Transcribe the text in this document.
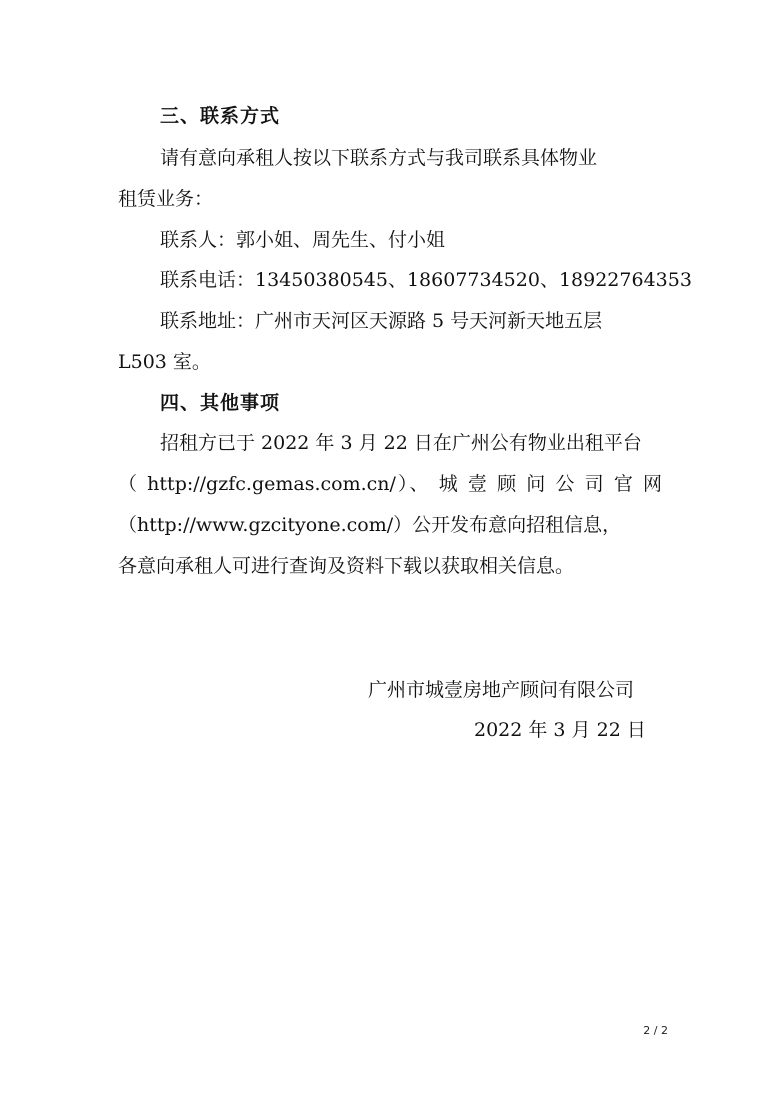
三、联系方式
请有意向承租人按以下联系方式与我司联系具体物业
租赁业务：
联系人：郭小姐、周先生、付小姐
联系电话：13450380545、18607734520、18922764353
联系地址：广州市天河区天源路 5 号天河新天地五层
L503 室。
四、其他事项
招租方已于 2022 年 3 月 22 日在广州公有物业出租平台
（ http://gzfc.gemas.com.cn/）、 城 壹 顾 问 公 司 官 网
（http://www.gzcityone.com/）公开发布意向招租信息，
各意向承租人可进行查询及资料下载以获取相关信息。
广州市城壹房地产顾问有限公司
2022 年 3 月 22 日
2 / 2
